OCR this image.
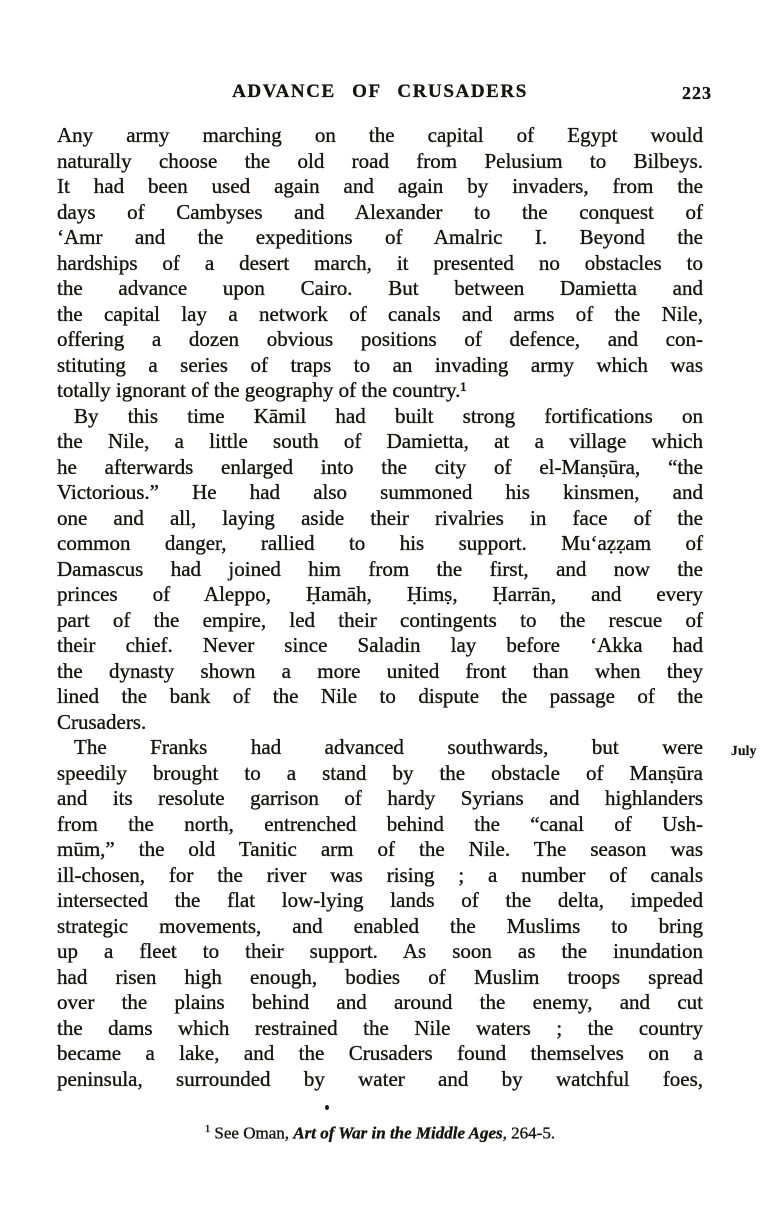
ADVANCE OF CRUSADERS	223
Any army marching on the capital of Egypt would
naturally choose the old road from Pelusium to Bilbeys.
It had been used again and again by invaders, from the
days of Cambyses and Alexander to the conquest of
‘Amr and the expeditions of Amalric I. Beyond the
hardships of a desert march, it presented no obstacles to
the advance upon Cairo. But between Damietta and
the capital lay a network of canals and arms of the Nile,
offering a dozen obvious positions of defence, and con-
stituting a series of traps to an invading army which was
totally ignorant of the geography of the country.¹
By this time Kāmil had built strong fortifications on
the Nile, a little south of Damietta, at a village which
he afterwards enlarged into the city of el-Manṣūra, “the
Victorious.” He had also summoned his kinsmen, and
one and all, laying aside their rivalries in face of the
common danger, rallied to his support. Mu‘aẓẓam of
Damascus had joined him from the first, and now the
princes of Aleppo, Ḥamāh, Ḥimṣ, Ḥarrān, and every
part of the empire, led their contingents to the rescue of
their chief. Never since Saladin lay before ‘Akka had
the dynasty shown a more united front than when they
lined the bank of the Nile to dispute the passage of the
Crusaders.
The Franks had advanced southwards, but were July
speedily brought to a stand by the obstacle of Manṣūra
and its resolute garrison of hardy Syrians and highlanders
from the north, entrenched behind the “canal of Ush-
mūm,” the old Tanitic arm of the Nile. The season was
ill-chosen, for the river was rising ; a number of canals
intersected the flat low-lying lands of the delta, impeded
strategic movements, and enabled the Muslims to bring
up a fleet to their support. As soon as the inundation
had risen high enough, bodies of Muslim troops spread
over the plains behind and around the enemy, and cut
the dams which restrained the Nile waters ; the country
became a lake, and the Crusaders found themselves on a
peninsula, surrounded by water and by watchful foes,
$^1$ See Oman, Art of War in the Middle Ages, 264-5.
